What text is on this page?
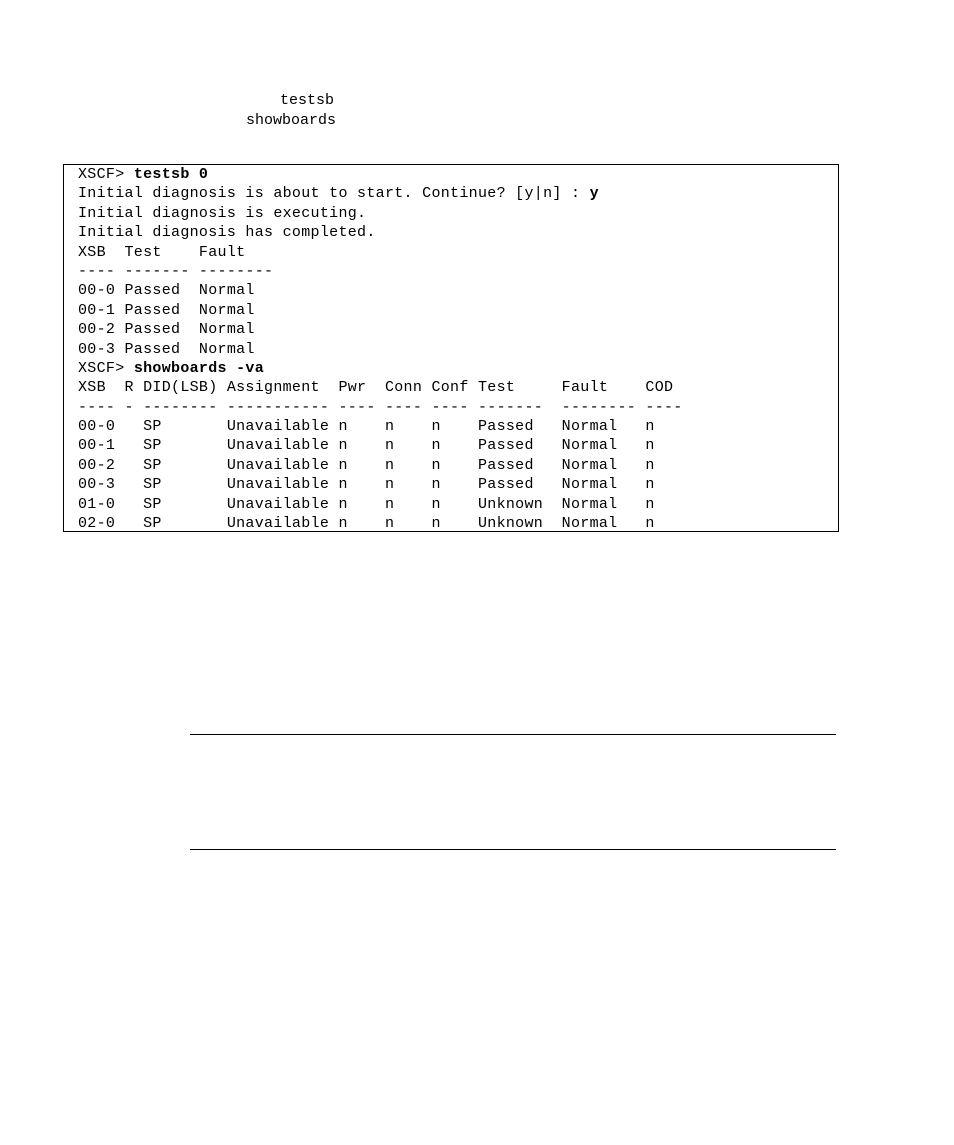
testsb
showboards
XSCF> testsb 0
Initial diagnosis is about to start. Continue? [y|n] : y
Initial diagnosis is executing.
Initial diagnosis has completed.
XSB  Test    Fault
---- ------- --------
00-0 Passed  Normal
00-1 Passed  Normal
00-2 Passed  Normal
00-3 Passed  Normal
XSCF> showboards -va
XSB  R DID(LSB) Assignment  Pwr  Conn Conf Test     Fault    COD
---- - -------- ----------- ---- ---- ---- -------  -------- ----
00-0   SP       Unavailable n    n    n    Passed   Normal   n
00-1   SP       Unavailable n    n    n    Passed   Normal   n
00-2   SP       Unavailable n    n    n    Passed   Normal   n
00-3   SP       Unavailable n    n    n    Passed   Normal   n
01-0   SP       Unavailable n    n    n    Unknown  Normal   n
02-0   SP       Unavailable n    n    n    Unknown  Normal   n
